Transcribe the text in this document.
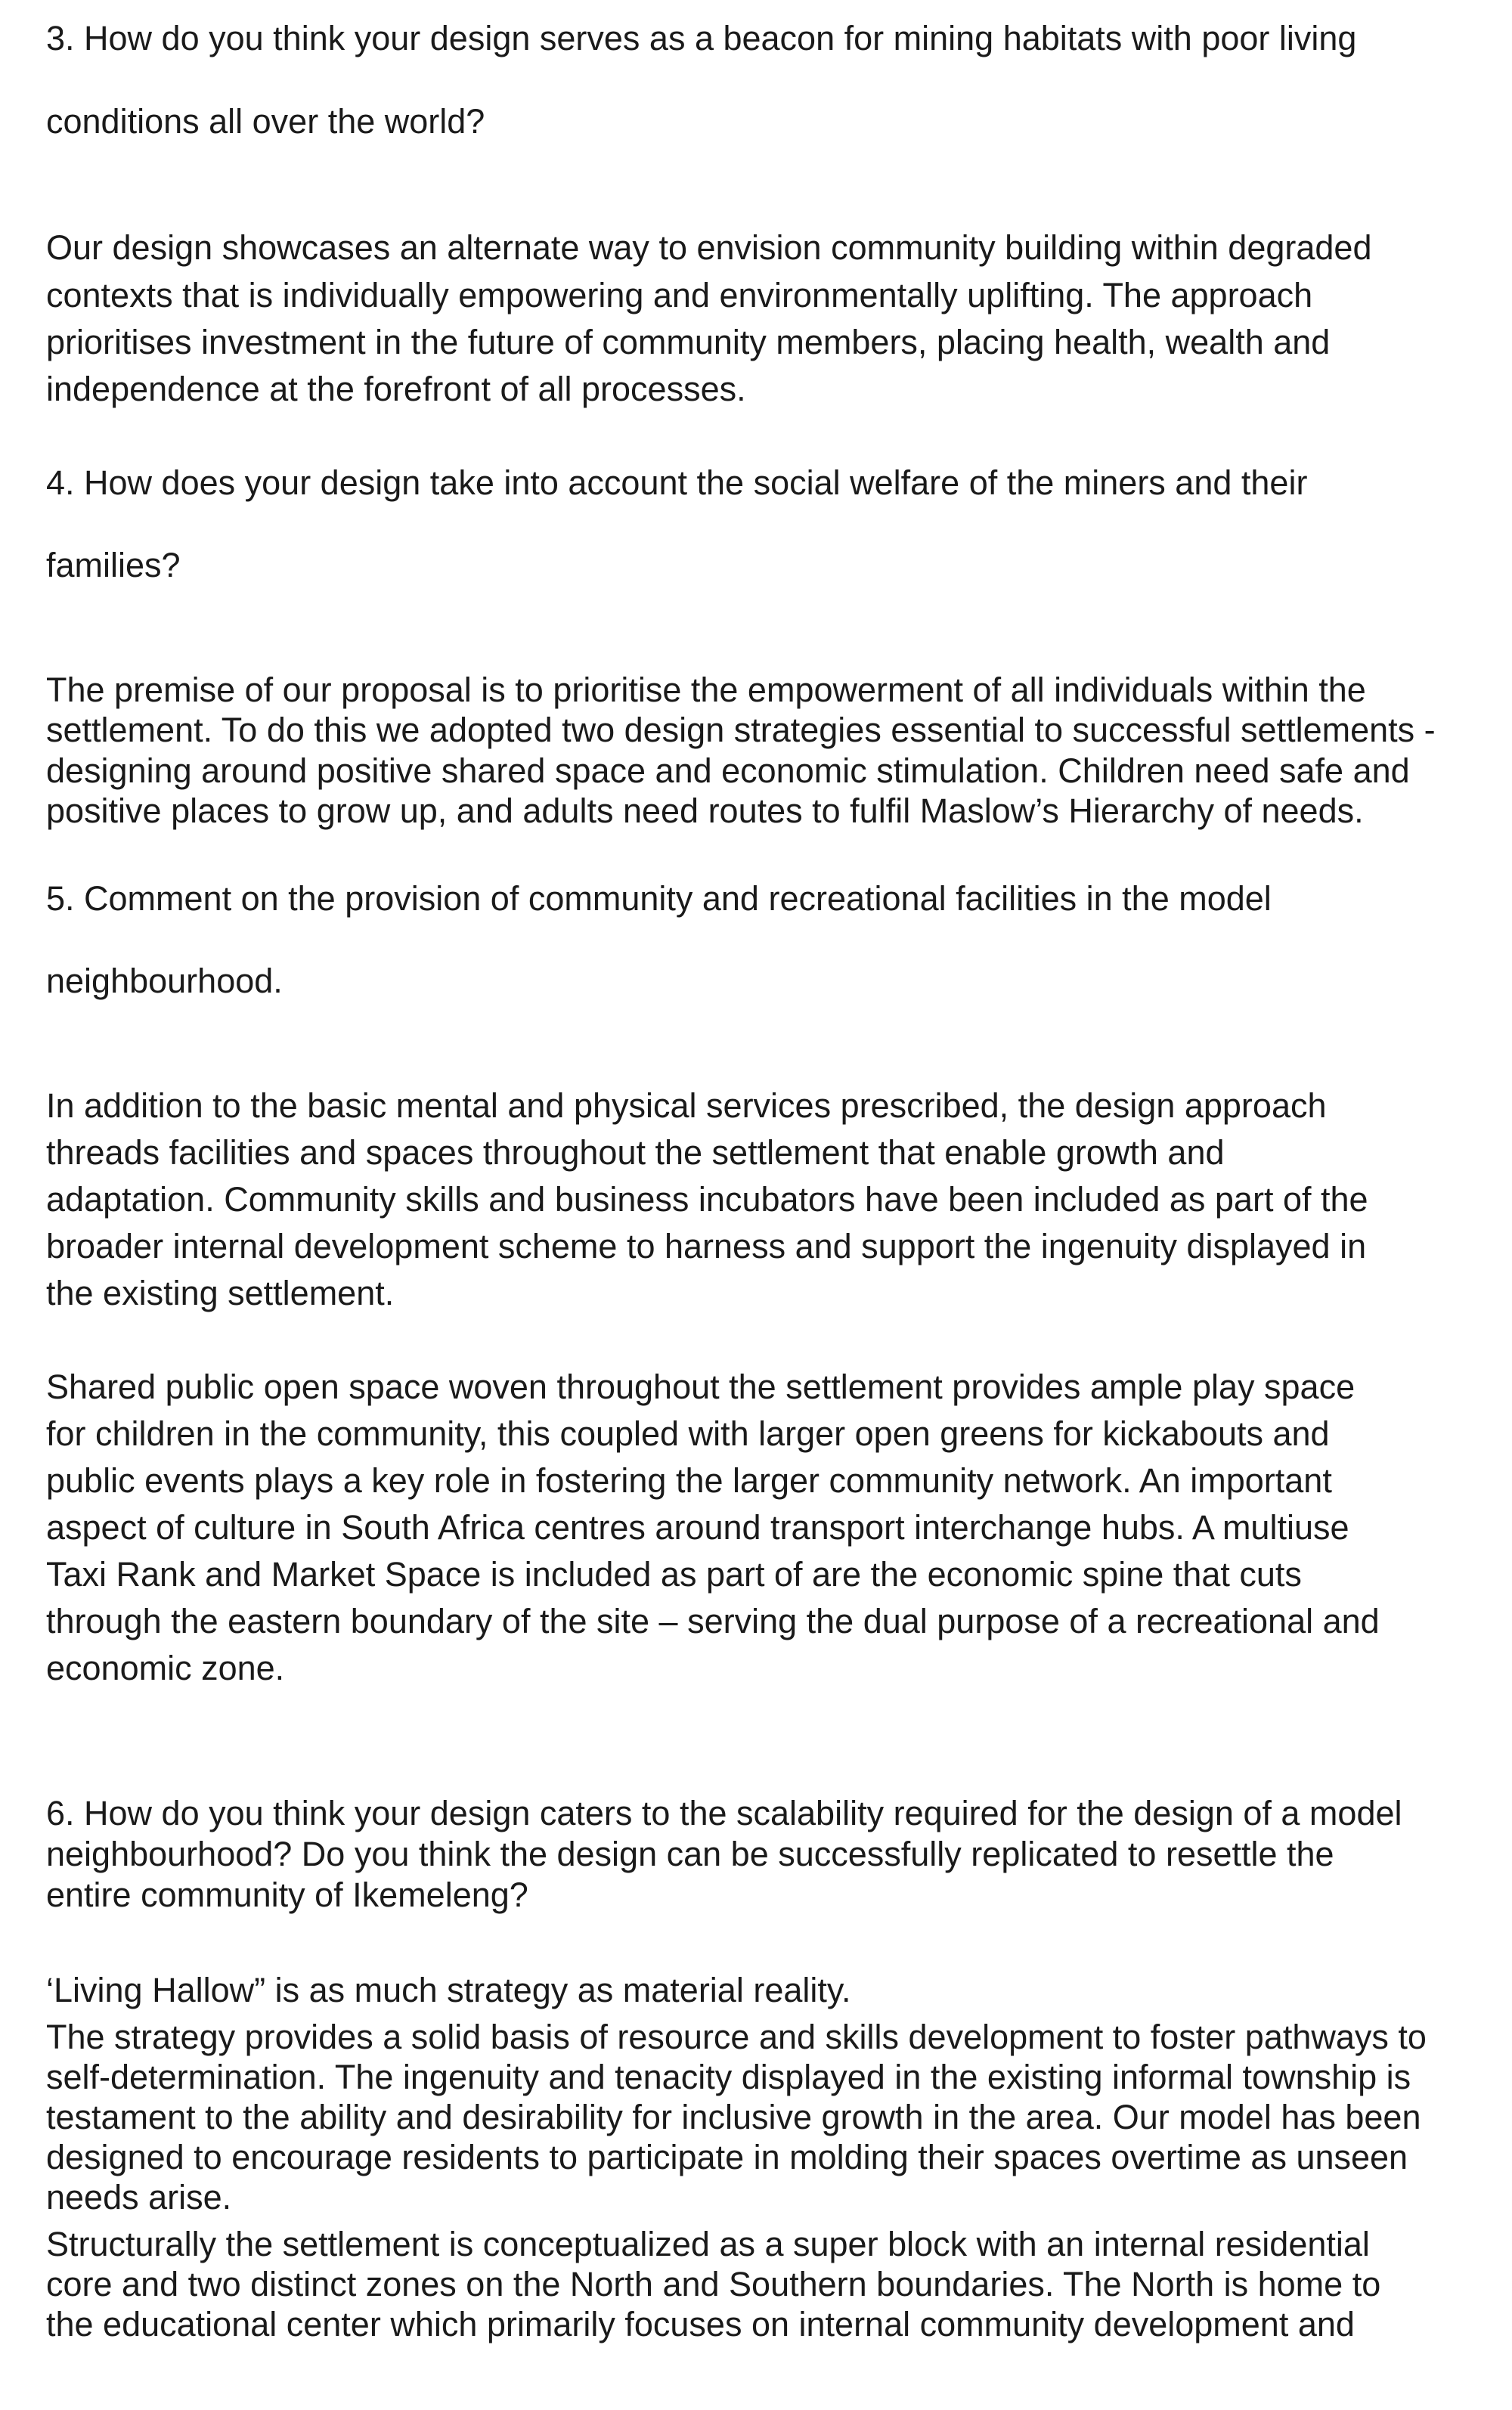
3. How do you think your design serves as a beacon for mining habitats with poor living

conditions all over the world?

Our design showcases an alternate way to envision community building within degraded

contexts that is individually empowering and environmentally uplifting. The approach

prioritises investment in the future of community members, placing health, wealth and

independence at the forefront of all processes.

4. How does your design take into account the social welfare of the miners and their

families?

The premise of our proposal is to prioritise the empowerment of all individuals within the

settlement. To do this we adopted two design strategies essential to successful settlements -

designing around positive shared space and economic stimulation. Children need safe and

positive places to grow up, and adults need routes to fulfil Maslow’s Hierarchy of needs.

5. Comment on the provision of community and recreational facilities in the model

neighbourhood.

In addition to the basic mental and physical services prescribed, the design approach

threads facilities and spaces throughout the settlement that enable growth and

adaptation. Community skills and business incubators have been included as part of the

broader internal development scheme to harness and support the ingenuity displayed in

the existing settlement.

Shared public open space woven throughout the settlement provides ample play space

for children in the community, this coupled with larger open greens for kickabouts and

public events plays a key role in fostering the larger community network. An important

aspect of culture in South Africa centres around transport interchange hubs. A multiuse

Taxi Rank and Market Space is included as part of are the economic spine that cuts

through the eastern boundary of the site – serving the dual purpose of a recreational and

economic zone.

6. How do you think your design caters to the scalability required for the design of a model

neighbourhood? Do you think the design can be successfully replicated to resettle the

entire community of Ikemeleng?

‘Living Hallow” is as much strategy as material reality.

The strategy provides a solid basis of resource and skills development to foster pathways to

self-determination. The ingenuity and tenacity displayed in the existing informal township is

testament to the ability and desirability for inclusive growth in the area. Our model has been

designed to encourage residents to participate in molding their spaces overtime as unseen

needs arise.

Structurally the settlement is conceptualized as a super block with an internal residential

core and two distinct zones on the North and Southern boundaries. The North is home to

the educational center which primarily focuses on internal community development and
